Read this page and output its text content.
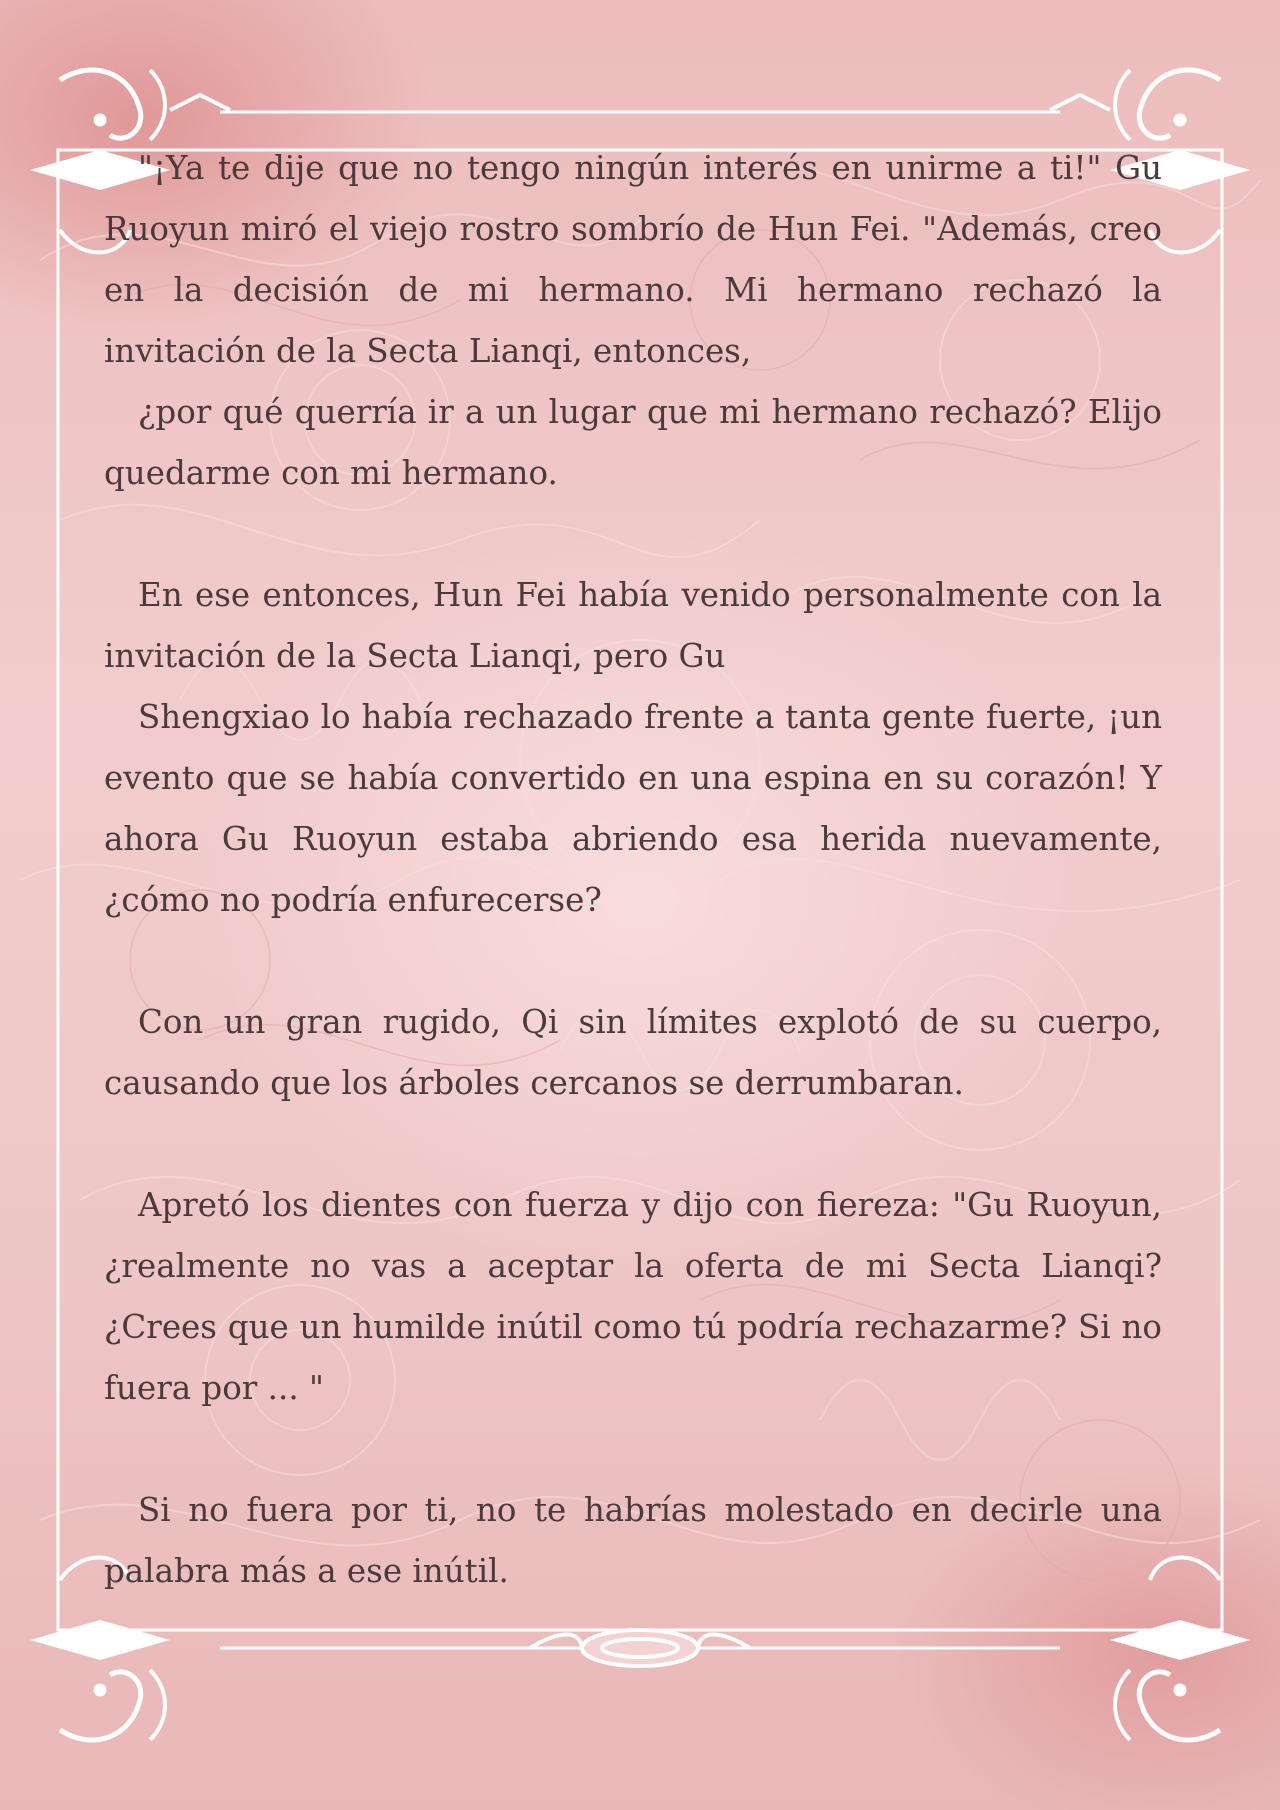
"¡Ya te dije que no tengo ningún interés en unirme a ti!" Gu Ruoyun miró el viejo rostro sombrío de Hun Fei. "Además, creo en la decisión de mi hermano. Mi hermano rechazó la invitación de la Secta Lianqi, entonces,

¿por qué querría ir a un lugar que mi hermano rechazó? Elijo quedarme con mi hermano.

En ese entonces, Hun Fei había venido personalmente con la invitación de la Secta Lianqi, pero Gu

Shengxiao lo había rechazado frente a tanta gente fuerte, ¡un evento que se había convertido en una espina en su corazón! Y ahora Gu Ruoyun estaba abriendo esa herida nuevamente, ¿cómo no podría enfurecerse?

Con un gran rugido, Qi sin límites explotó de su cuerpo, causando que los árboles cercanos se derrumbaran.

Apretó los dientes con fuerza y dijo con fiereza: "Gu Ruoyun, ¿realmente no vas a aceptar la oferta de mi Secta Lianqi? ¿Crees que un humilde inútil como tú podría rechazarme? Si no fuera por ... "

Si no fuera por ti, no te habrías molestado en decirle una palabra más a ese inútil.
